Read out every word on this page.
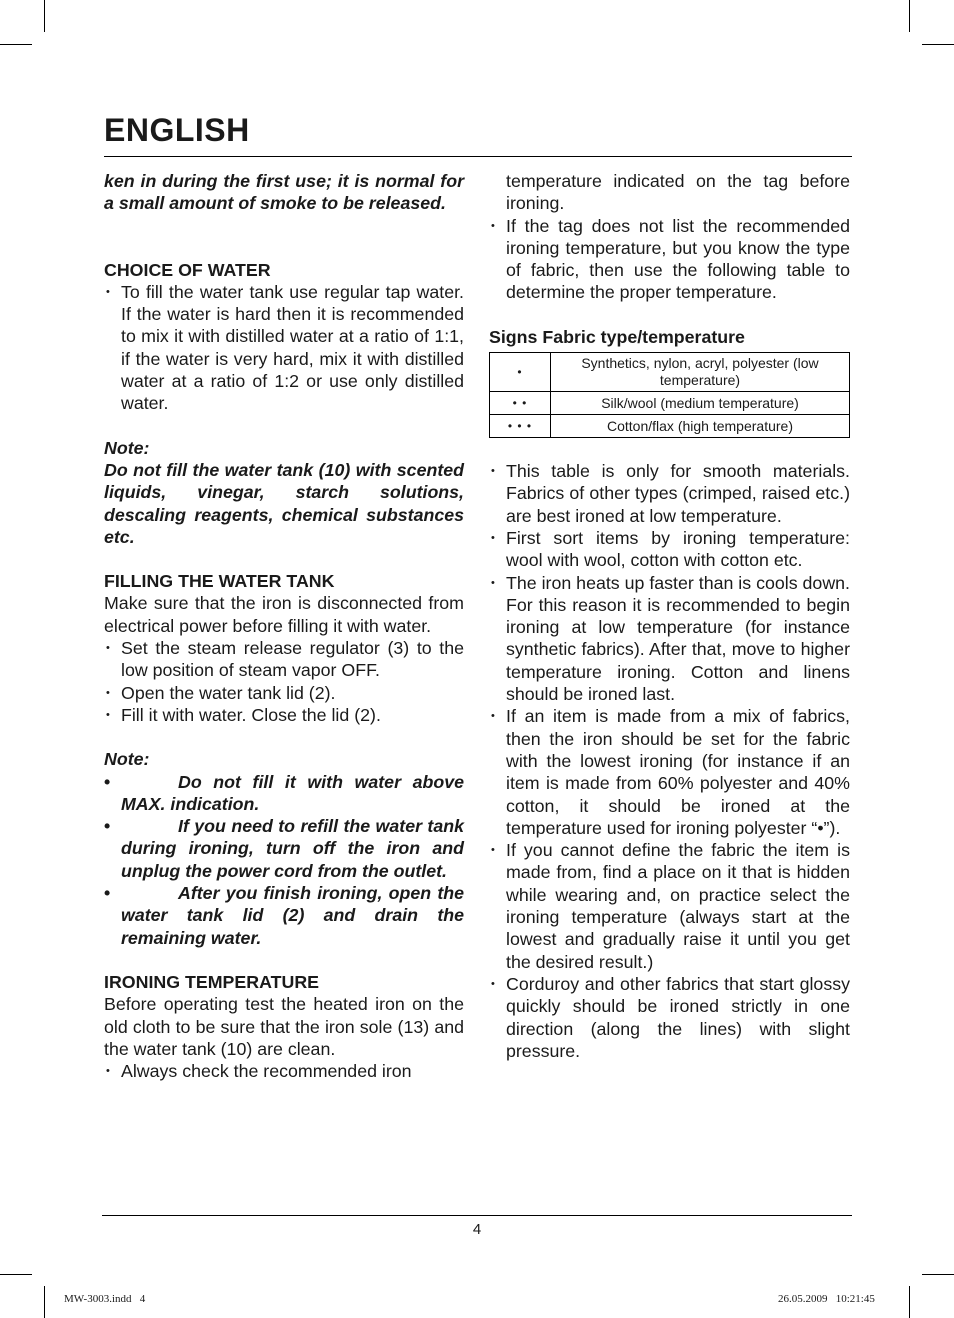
ENGLISH

ken in during the first use; it is normal for a small amount of smoke to be released.

CHOICE OF WATER

• To fill the water tank use regular tap water. If the water is hard then it is recommended to mix it with distilled water at a ratio of 1:1, if the water is very hard, mix it with distilled water at a ratio of 1:2 or use only distilled water.

Note:

Do not fill the water tank (10) with scented liquids, vinegar, starch solutions, descaling reagents, chemical substances etc.

FILLING THE WATER TANK

Make sure that the iron is disconnected from electrical power before filling it with water.

• Set the steam release regulator (3) to the low position of steam vapor OFF.
• Open the water tank lid (2).
• Fill it with water. Close the lid (2).

Note:

•	Do not fill it with water above MAX. indication.
•	If you need to refill the water tank during ironing, turn off the iron and unplug the power cord from the outlet.
•	After you finish ironing, open the water tank lid (2) and drain the remaining water.

IRONING TEMPERATURE

Before operating test the heated iron on the old cloth to be sure that the iron sole (13) and the water tank (10) are clean.

• Always check the recommended iron

temperature indicated on the tag before ironing.

• If the tag does not list the recommended ironing temperature, but you know the type of fabric, then use the following table to determine the proper temperature.

Signs Fabric type/temperature

•	Synthetics, nylon, acryl, polyester (low temperature)
• •	Silk/wool (medium temperature)
• • •	Cotton/flax (high temperature)
• This table is only for smooth materials. Fabrics of other types (crimped, raised etc.) are best ironed at low temperature.
• First sort items by ironing temperature: wool with wool, cotton with cotton etc.
• The iron heats up faster than is cools down. For this reason it is recommended to begin ironing at low temperature (for instance synthetic fabrics). After that, move to higher temperature ironing. Cotton and linens should be ironed last.
• If an item is made from a mix of fabrics, then the iron should be set for the fabric with the lowest ironing (for instance if an item is made from 60% polyester and 40% cotton, it should be ironed at the temperature used for ironing polyester “•”).
• If you cannot define the fabric the item is made from, find a place on it that is hidden while wearing and, on practice select the ironing temperature (always start at the lowest and gradually raise it until you get the desired result.)
• Corduroy and other fabrics that start glossy quickly should be ironed strictly in one direction (along the lines) with slight pressure.
4
MW-3003.indd   4	26.05.2009   10:21:45
